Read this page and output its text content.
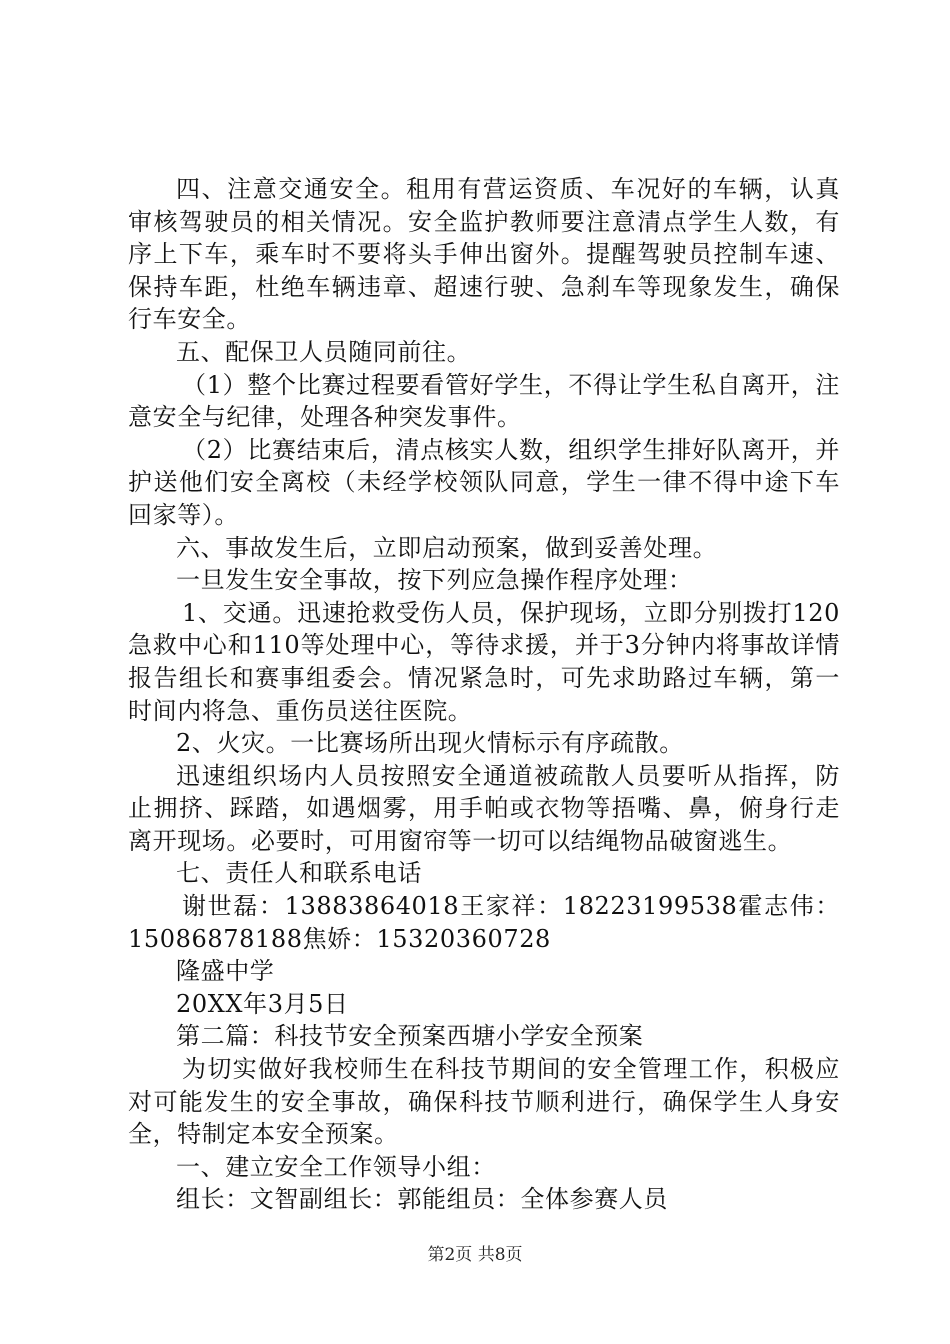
四、注意交通安全。租用有营运资质、车况好的车辆，认真审核驾驶员的相关情况。安全监护教师要注意清点学生人数，有序上下车，乘车时不要将头手伸出窗外。提醒驾驶员控制车速、保持车距，杜绝车辆违章、超速行驶、急刹车等现象发生，确保行车安全。

五、配保卫人员随同前往。

（1）整个比赛过程要看管好学生，不得让学生私自离开，注意安全与纪律，处理各种突发事件。

（2）比赛结束后，清点核实人数，组织学生排好队离开，并护送他们安全离校（未经学校领队同意，学生一律不得中途下车回家等）。

六、事故发生后，立即启动预案，做到妥善处理。

一旦发生安全事故，按下列应急操作程序处理：

1、交通。迅速抢救受伤人员，保护现场，立即分别拨打120急救中心和110等处理中心，等待求援，并于3分钟内将事故详情报告组长和赛事组委会。情况紧急时，可先求助路过车辆，第一时间内将急、重伤员送往医院。

2、火灾。一比赛场所出现火情标示有序疏散。

迅速组织场内人员按照安全通道被疏散人员要听从指挥，防止拥挤、踩踏，如遇烟雾，用手帕或衣物等捂嘴、鼻，俯身行走离开现场。必要时，可用窗帘等一切可以结绳物品破窗逃生。

七、责任人和联系电话

谢世磊：13883864018王家祥：18223199538霍志伟：15086878188焦娇：15320360728

隆盛中学

20XX年3月5日

第二篇：科技节安全预案西塘小学安全预案

为切实做好我校师生在科技节期间的安全管理工作，积极应对可能发生的安全事故，确保科技节顺利进行，确保学生人身安全，特制定本安全预案。

一、建立安全工作领导小组：

组长：文智副组长：郭能组员：全体参赛人员

第2页 共8页
